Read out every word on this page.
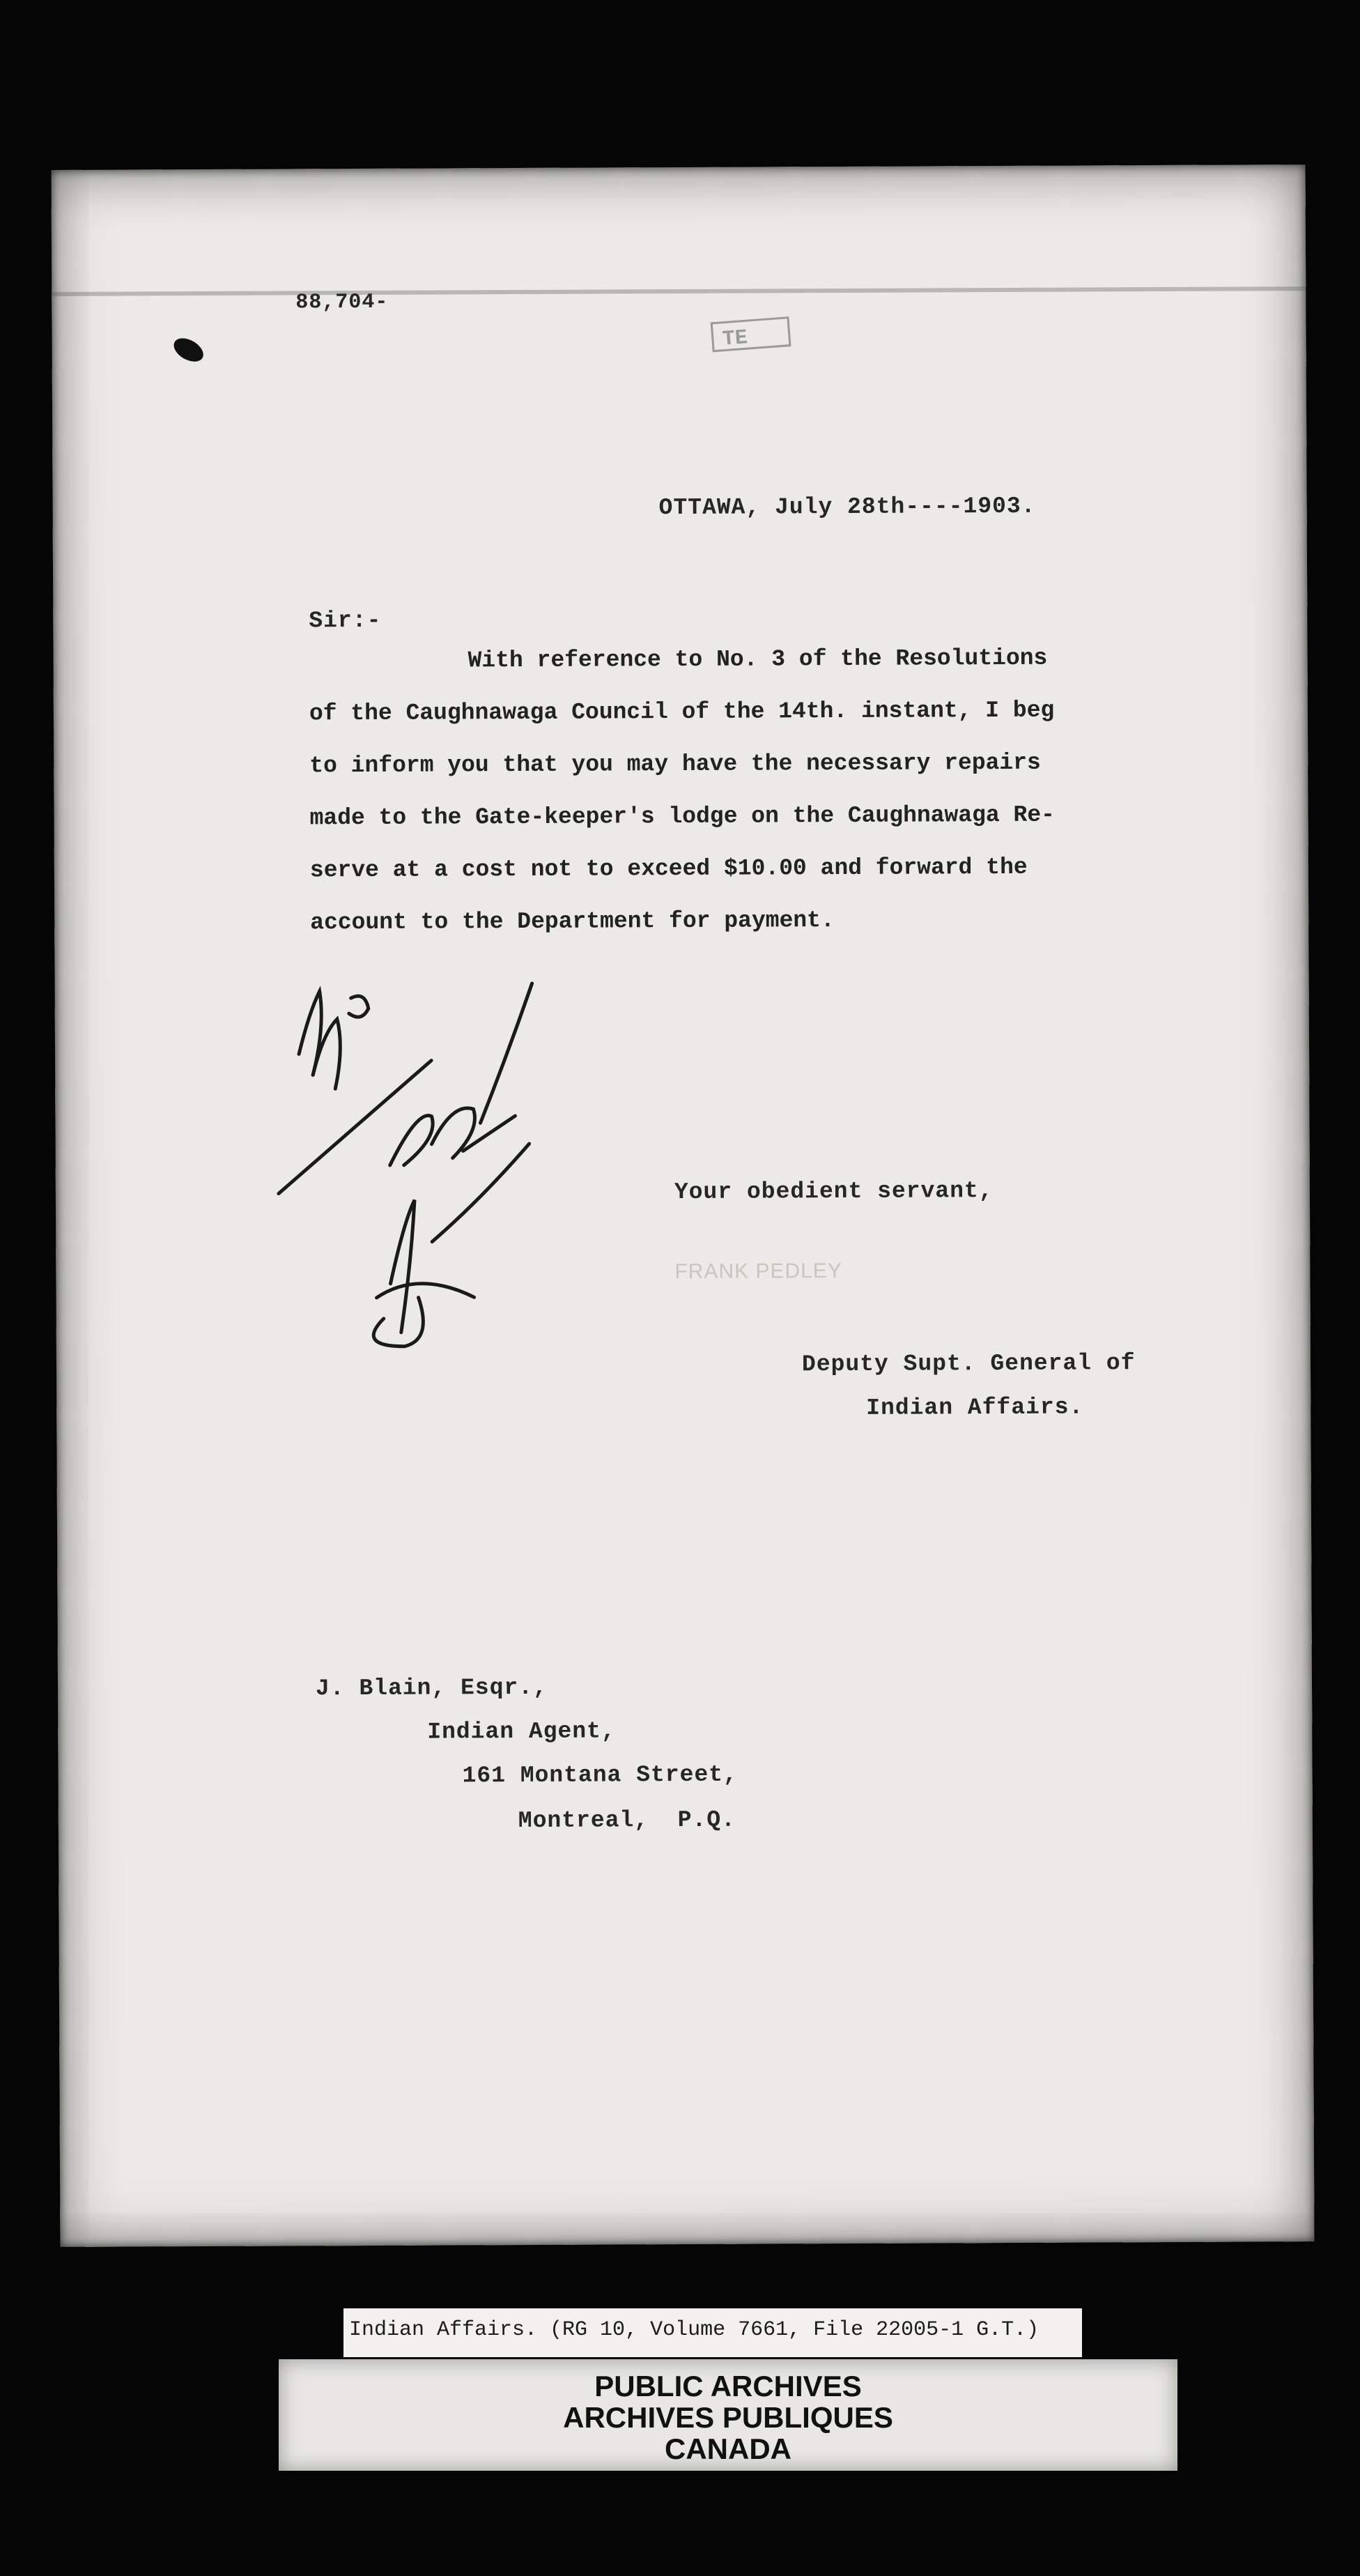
88,704-
TE
OTTAWA, July 28th----1903.
Sir:-
With reference to No. 3 of the Resolutions
of the Caughnawaga Council of the 14th. instant, I beg
to inform you that you may have the necessary repairs
made to the Gate-keeper's lodge on the Caughnawaga Re-
serve at a cost not to exceed $10.00 and forward the
account to the Department for payment.
Your obedient servant,
FRANK PEDLEY
Deputy Supt. General of
Indian Affairs.
J. Blain, Esqr.,
Indian Agent,
161 Montana Street,
Montreal,  P.Q.
Indian Affairs. (RG 10, Volume 7661, File 22005-1 G.T.)
PUBLIC ARCHIVES
ARCHIVES PUBLIQUES
CANADA
